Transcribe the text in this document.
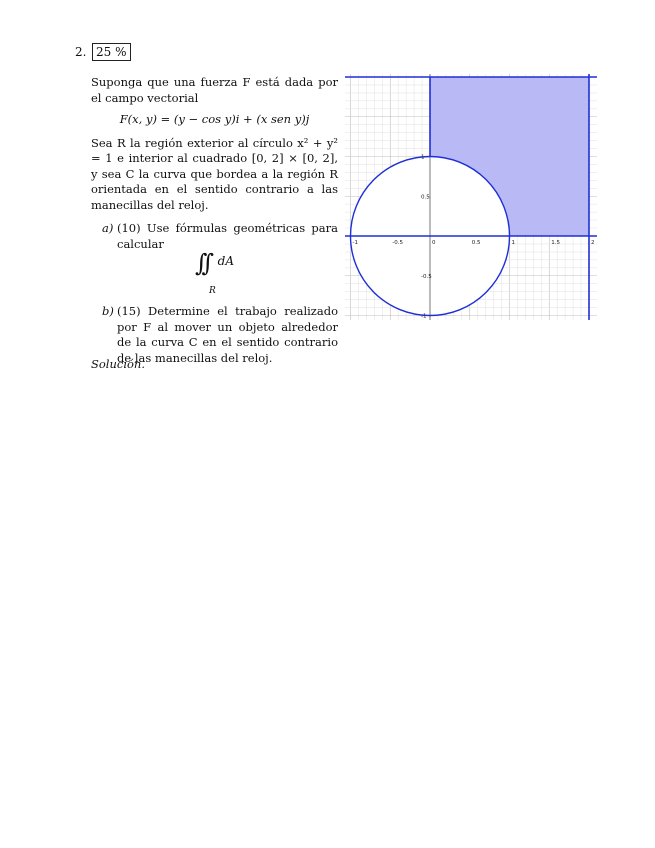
2. 25 %

Suponga que una fuerza F está dada por el campo vectorial

F(x, y) = (y − cos y)i + (x sen y)j

Sea R la región exterior al círculo x² + y² = 1 e interior al cuadrado [0, 2] × [0, 2], y sea C la curva que bordea a la región R orientada en el sentido contrario a las manecillas del reloj.

a) (10) Use fórmulas geométricas para calcular
∫∫ dA
R
b) (15) Determine el trabajo realizado por F al mover un objeto alrededor de la curva C en el sentido contrario de las manecillas del reloj.
Solución.
-1	-0.5	0	0.5	1	1.5	2
1
0.5
-0.5
-1
